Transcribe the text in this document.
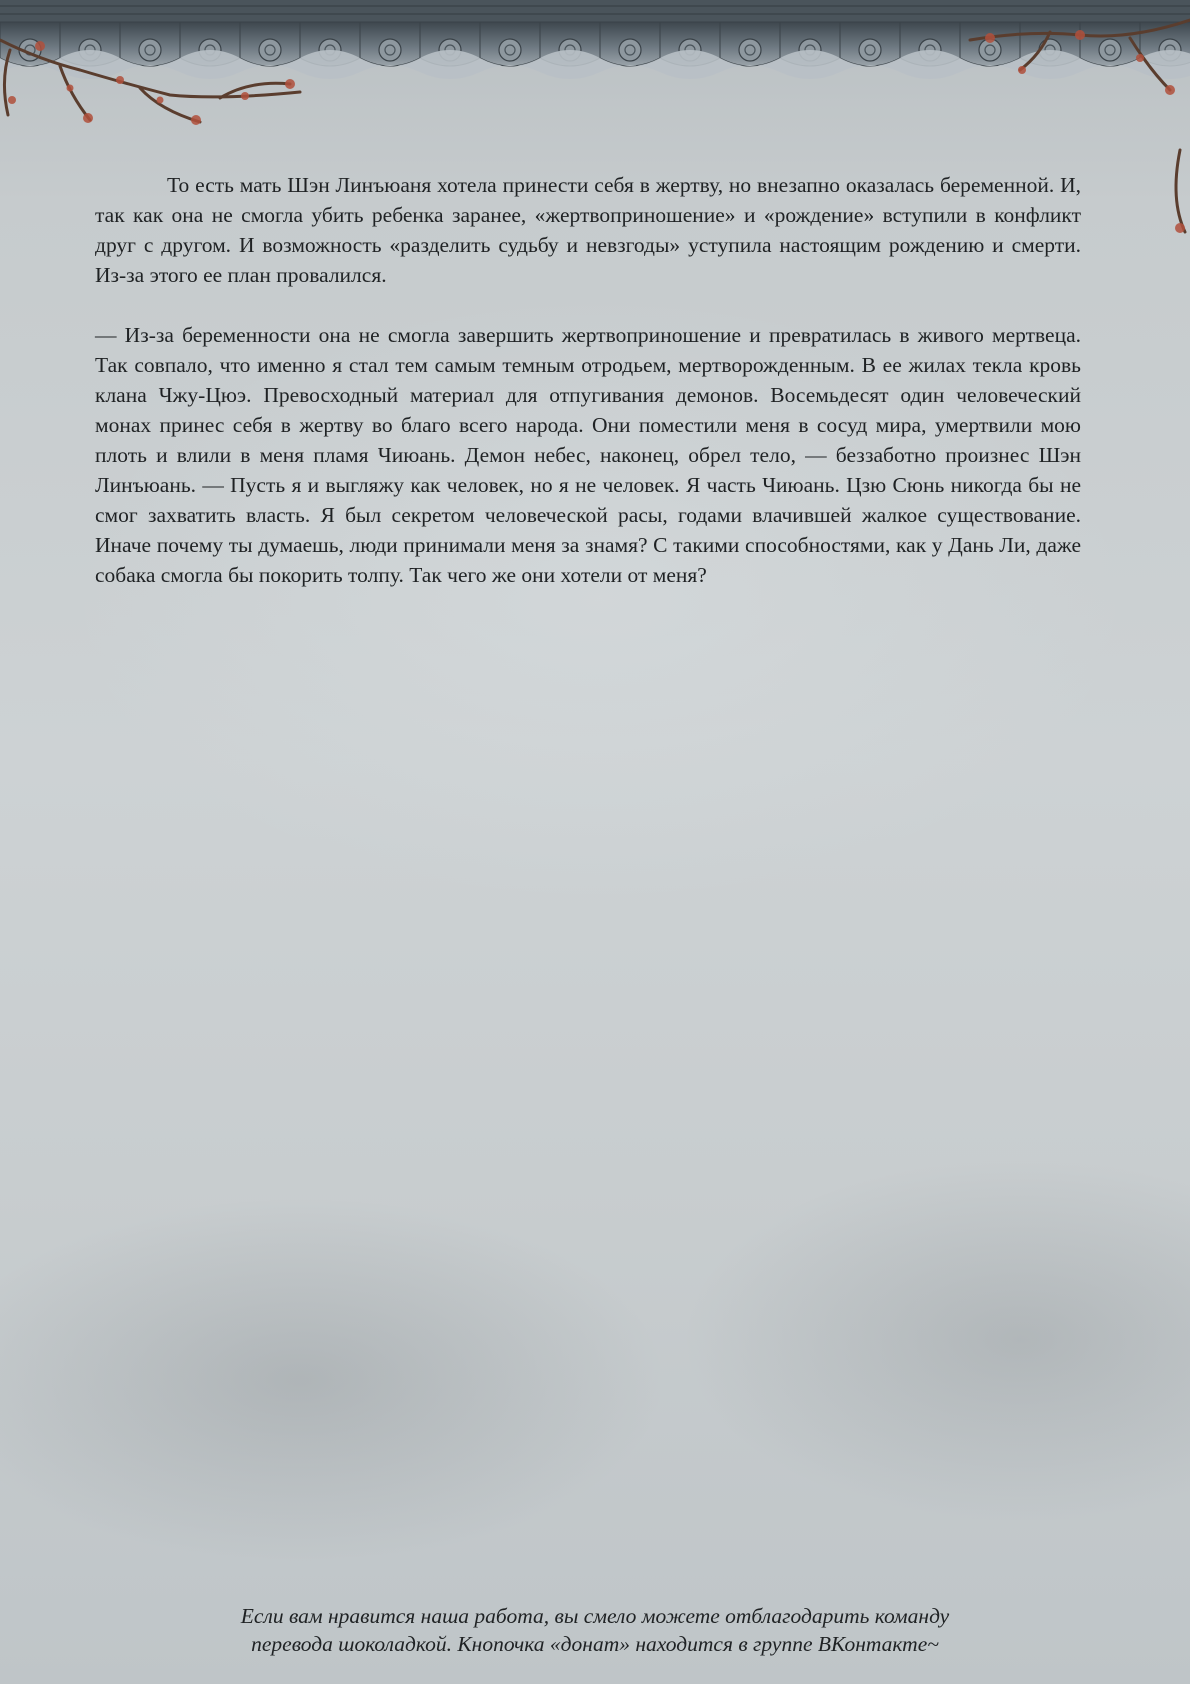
То есть мать Шэн Линъюаня хотела принести себя в жертву, но внезапно оказалась беременной. И, так как она не смогла убить ребенка заранее, «жертвоприношение» и «рождение» вступили в конфликт друг с другом. И возможность «разделить судьбу и невзгоды» уступила настоящим рождению и смерти. Из-за этого ее план провалился.

— Из-за беременности она не смогла завершить жертвоприношение и превратилась в живого мертвеца. Так совпало, что именно я стал тем самым темным отродьем, мертворожденным. В ее жилах текла кровь клана Чжу-Цюэ. Превосходный материал для отпугивания демонов. Восемьдесят один человеческий монах принес себя в жертву во благо всего народа. Они поместили меня в сосуд мира, умертвили мою плоть и влили в меня пламя Чиюань. Демон небес, наконец, обрел тело, — беззаботно произнес Шэн Линъюань. — Пусть я и выгляжу как человек, но я не человек. Я часть Чиюань. Цзю Сюнь никогда бы не смог захватить власть. Я был секретом человеческой расы, годами влачившей жалкое существование. Иначе почему ты думаешь, люди принимали меня за знамя? С такими способностями, как у Дань Ли, даже собака смогла бы покорить толпу. Так чего же они хотели от меня?

Если вам нравится наша работа, вы смело можете отблагодарить команду
перевода шоколадкой. Кнопочка «донат» находится в группе ВКонтакте~
